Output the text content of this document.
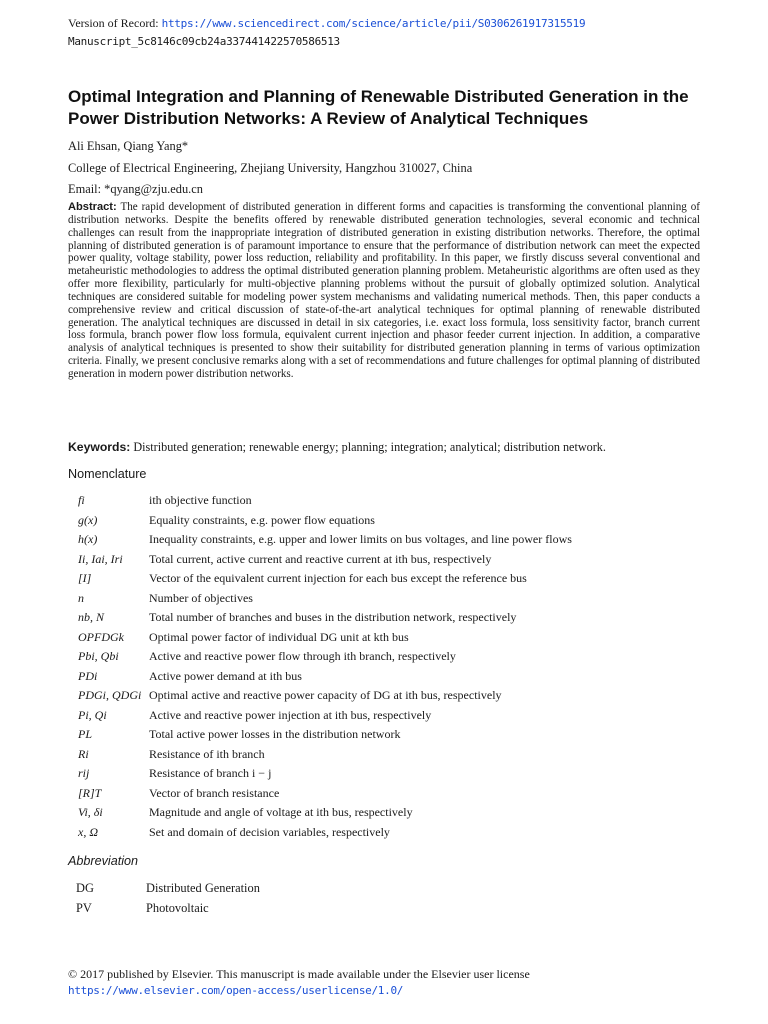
Version of Record: https://www.sciencedirect.com/science/article/pii/S0306261917315519
Manuscript_5c8146c09cb24a337441422570586513
Optimal Integration and Planning of Renewable Distributed Generation in the Power Distribution Networks: A Review of Analytical Techniques
Ali Ehsan, Qiang Yang*
College of Electrical Engineering, Zhejiang University, Hangzhou 310027, China
Email: *qyang@zju.edu.cn
Abstract: The rapid development of distributed generation in different forms and capacities is transforming the conventional planning of distribution networks. Despite the benefits offered by renewable distributed generation technologies, several economic and technical challenges can result from the inappropriate integration of distributed generation in existing distribution networks. Therefore, the optimal planning of distributed generation is of paramount importance to ensure that the performance of distribution network can meet the expected power quality, voltage stability, power loss reduction, reliability and profitability. In this paper, we firstly discuss several conventional and metaheuristic methodologies to address the optimal distributed generation planning problem. Metaheuristic algorithms are often used as they offer more flexibility, particularly for multi-objective planning problems without the pursuit of globally optimized solution. Analytical techniques are considered suitable for modeling power system mechanisms and validating numerical methods. Then, this paper conducts a comprehensive review and critical discussion of state-of-the-art analytical techniques for optimal planning of renewable distributed generation. The analytical techniques are discussed in detail in six categories, i.e. exact loss formula, loss sensitivity factor, branch current loss formula, branch power flow loss formula, equivalent current injection and phasor feeder current injection. In addition, a comparative analysis of analytical techniques is presented to show their suitability for distributed generation planning in terms of various optimization criteria. Finally, we present conclusive remarks along with a set of recommendations and future challenges for optimal planning of distributed generation in modern power distribution networks.
Keywords: Distributed generation; renewable energy; planning; integration; analytical; distribution network.
Nomenclature
fi	ith objective function
g(x)	Equality constraints, e.g. power flow equations
h(x)	Inequality constraints, e.g. upper and lower limits on bus voltages, and line power flows
Ii, Iai, Iri	Total current, active current and reactive current at ith bus, respectively
[I]	Vector of the equivalent current injection for each bus except the reference bus
n	Number of objectives
nb, N	Total number of branches and buses in the distribution network, respectively
OPFDGk	Optimal power factor of individual DG unit at kth bus
Pbi, Qbi	Active and reactive power flow through ith branch, respectively
PDi	Active power demand at ith bus
PDGi, QDGi	Optimal active and reactive power capacity of DG at ith bus, respectively
Pi, Qi	Active and reactive power injection at ith bus, respectively
PL	Total active power losses in the distribution network
Ri	Resistance of ith branch
rij	Resistance of branch i − j
[R]T	Vector of branch resistance
Vi, δi	Magnitude and angle of voltage at ith bus, respectively
x, Ω	Set and domain of decision variables, respectively
Abbreviation
DG	Distributed Generation
PV	Photovoltaic
© 2017 published by Elsevier. This manuscript is made available under the Elsevier user license
https://www.elsevier.com/open-access/userlicense/1.0/
